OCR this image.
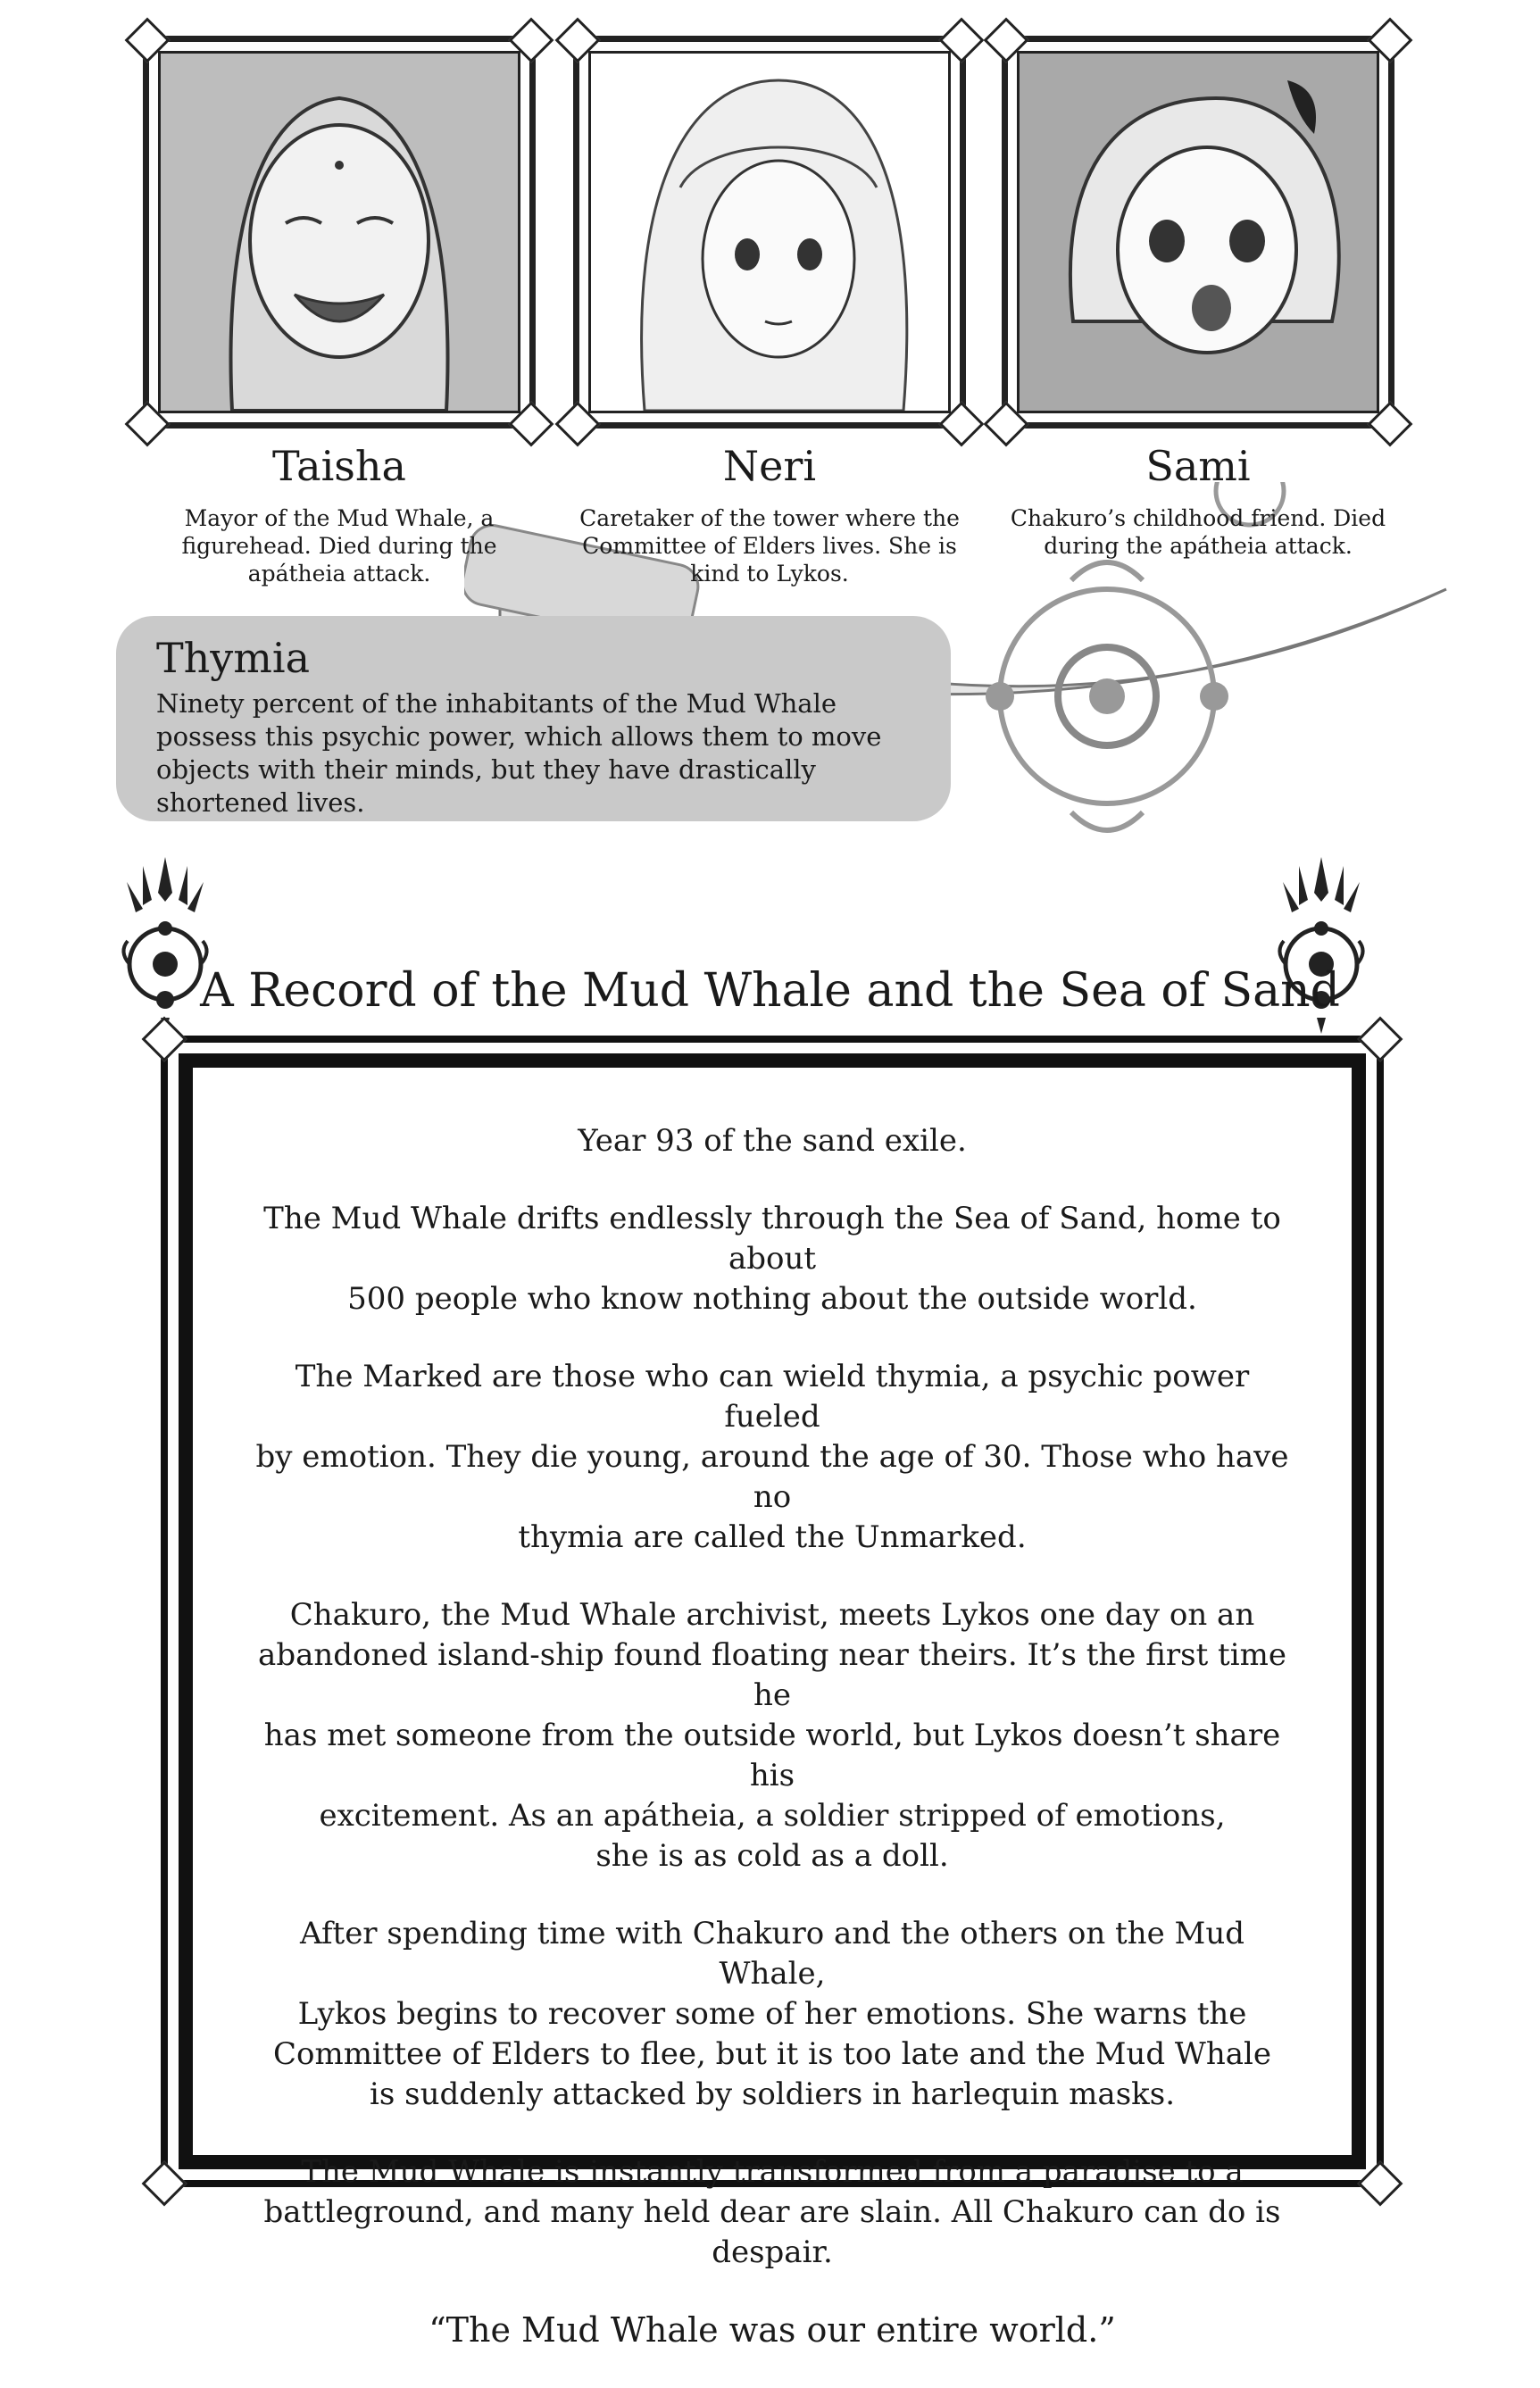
Taisha
Mayor of the Mud Whale, a
figurehead. Died during the
apátheia attack.
Neri
Caretaker of the tower where the
Committee of Elders lives. She is
kind to Lykos.
Sami
Chakuro’s childhood friend. Died
during the apátheia attack.
Thymia

Ninety percent of the inhabitants of the Mud Whale possess this psychic power, which allows them to move objects with their minds, but they have drastically shortened lives.

A Record of the Mud Whale and the Sea of Sand

Year 93 of the sand exile.

The Mud Whale drifts endlessly through the Sea of Sand, home to about
500 people who know nothing about the outside world.

The Marked are those who can wield thymia, a psychic power fueled
by emotion. They die young, around the age of 30. Those who have no
thymia are called the Unmarked.

Chakuro, the Mud Whale archivist, meets Lykos one day on an
abandoned island-ship found floating near theirs. It’s the first time he
has met someone from the outside world, but Lykos doesn’t share his
excitement. As an apátheia, a soldier stripped of emotions,
she is as cold as a doll.

After spending time with Chakuro and the others on the Mud Whale,
Lykos begins to recover some of her emotions. She warns the
Committee of Elders to flee, but it is too late and the Mud Whale
is suddenly attacked by soldiers in harlequin masks.

The Mud Whale is instantly transformed from a paradise to a
battleground, and many held dear are slain. All Chakuro can do is despair.

“The Mud Whale was our entire world.”
